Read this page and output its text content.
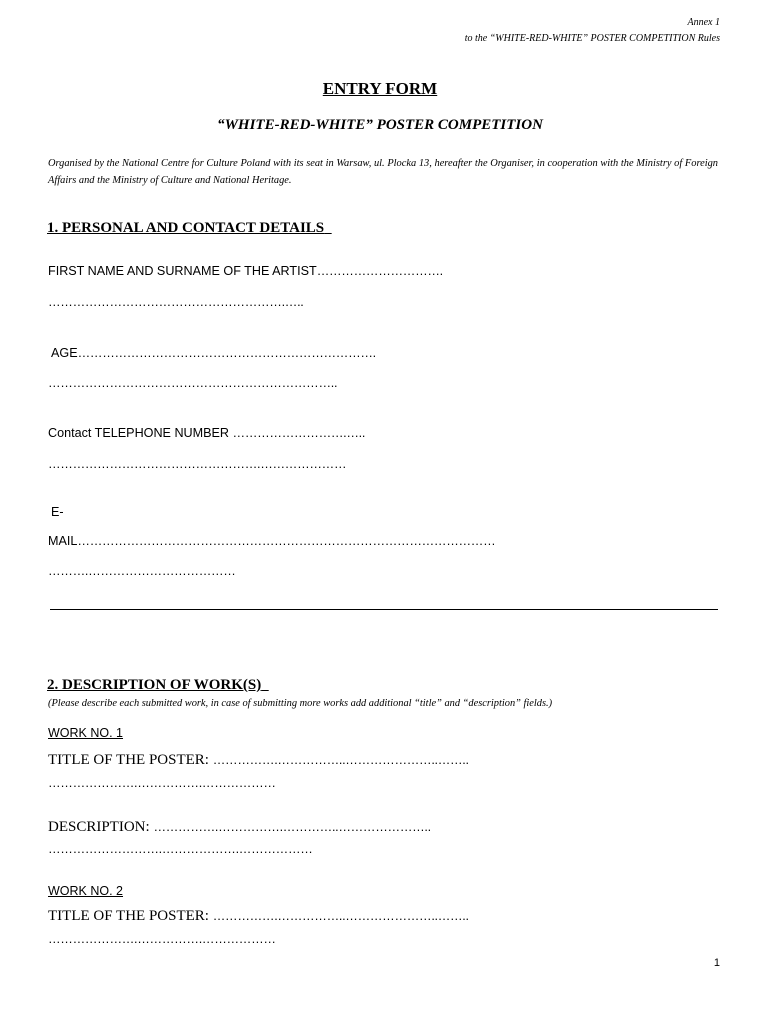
Annex 1
to the “WHITE-RED-WHITE” POSTER COMPETITION Rules
ENTRY FORM
“WHITE-RED-WHITE” POSTER COMPETITION
Organised by the National Centre for Culture Poland with its seat in Warsaw, ul. Plocka 13, hereafter the Organiser, in cooperation with the Ministry of Foreign Affairs and the Ministry of Culture and National Heritage.
1. PERSONAL AND CONTACT DETAILS
FIRST NAME AND SURNAME OF THE ARTIST………………………….
………………………………………………….…..
AGE……………………………………………………………….
……………………………………………………………..
Contact TELEPHONE NUMBER ……………………….…..
…………………………………………….…………………
E-
MAIL…………………………………………………………………………………………
……….………………………………
2. DESCRIPTION OF WORK(S)
(Please describe each submitted work, in case of submitting more works add additional “title” and “description” fields.)
WORK NO. 1
TITLE OF THE POSTER: …………….……………..…………………..……..
………………….…………….………………
DESCRIPTION: …………….…………….…………..…………………..
……………………….……………….………………
WORK NO. 2
TITLE OF THE POSTER: …………….……………..…………………..……..
………………….…………….………………
1
